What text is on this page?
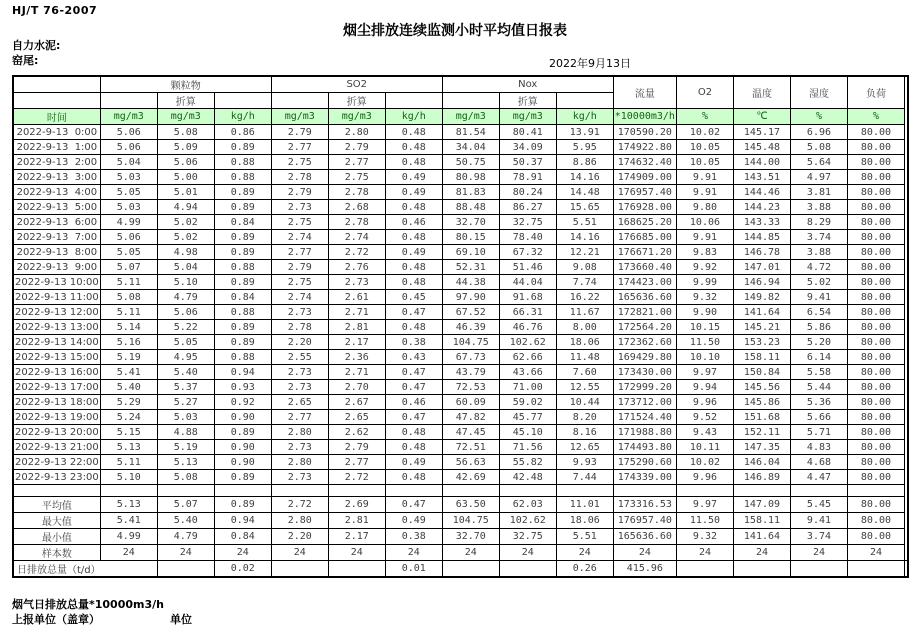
HJ/T 76-2007
烟尘排放连续监测小时平均值日报表
自力水泥:
窑尾:	2022年9月13日
	颗粒物			SO2			Nox			流量	O2	温度	湿度	负荷	
		折算			折算			折算							
时间	mg/m3	mg/m3	kg/h	mg/m3	mg/m3	kg/h	mg/m3	mg/m3	kg/h	*10000m3/h	%	℃	%	%	
2022-9-13  0:00	5.06	5.08	0.86	2.79	2.80	0.48	81.54	80.41	13.91	170590.20	10.02	145.17	6.96	80.00	
2022-9-13  1:00	5.06	5.09	0.89	2.77	2.79	0.48	34.04	34.09	5.95	174922.80	10.05	145.48	5.08	80.00	
2022-9-13  2:00	5.04	5.06	0.88	2.75	2.77	0.48	50.75	50.37	8.86	174632.40	10.05	144.00	5.64	80.00	
2022-9-13  3:00	5.03	5.00	0.88	2.78	2.75	0.49	80.98	78.91	14.16	174909.00	9.91	143.51	4.97	80.00	
2022-9-13  4:00	5.05	5.01	0.89	2.79	2.78	0.49	81.83	80.24	14.48	176957.40	9.91	144.46	3.81	80.00	
2022-9-13  5:00	5.03	4.94	0.89	2.73	2.68	0.48	88.48	86.27	15.65	176928.00	9.80	144.23	3.88	80.00	
2022-9-13  6:00	4.99	5.02	0.84	2.75	2.78	0.46	32.70	32.75	5.51	168625.20	10.06	143.33	8.29	80.00	
2022-9-13  7:00	5.06	5.02	0.89	2.74	2.74	0.48	80.15	78.40	14.16	176685.00	9.91	144.85	3.74	80.00	
2022-9-13  8:00	5.05	4.98	0.89	2.77	2.72	0.49	69.10	67.32	12.21	176671.20	9.83	146.78	3.88	80.00	
2022-9-13  9:00	5.07	5.04	0.88	2.79	2.76	0.48	52.31	51.46	9.08	173660.40	9.92	147.01	4.72	80.00	
2022-9-13 10:00	5.11	5.10	0.89	2.75	2.73	0.48	44.38	44.04	7.74	174423.00	9.99	146.94	5.02	80.00	
2022-9-13 11:00	5.08	4.79	0.84	2.74	2.61	0.45	97.90	91.68	16.22	165636.60	9.32	149.82	9.41	80.00	
2022-9-13 12:00	5.11	5.06	0.88	2.73	2.71	0.47	67.52	66.31	11.67	172821.00	9.90	141.64	6.54	80.00	
2022-9-13 13:00	5.14	5.22	0.89	2.78	2.81	0.48	46.39	46.76	8.00	172564.20	10.15	145.21	5.86	80.00	
2022-9-13 14:00	5.16	5.05	0.89	2.20	2.17	0.38	104.75	102.62	18.06	172362.60	11.50	153.23	5.20	80.00	
2022-9-13 15:00	5.19	4.95	0.88	2.55	2.36	0.43	67.73	62.66	11.48	169429.80	10.10	158.11	6.14	80.00	
2022-9-13 16:00	5.41	5.40	0.94	2.73	2.71	0.47	43.79	43.66	7.60	173430.00	9.97	150.84	5.58	80.00	
2022-9-13 17:00	5.40	5.37	0.93	2.73	2.70	0.47	72.53	71.00	12.55	172999.20	9.94	145.56	5.44	80.00	
2022-9-13 18:00	5.29	5.27	0.92	2.65	2.67	0.46	60.09	59.02	10.44	173712.00	9.96	145.86	5.36	80.00	
2022-9-13 19:00	5.24	5.03	0.90	2.77	2.65	0.47	47.82	45.77	8.20	171524.40	9.52	151.68	5.66	80.00	
2022-9-13 20:00	5.15	4.88	0.89	2.80	2.62	0.48	47.45	45.10	8.16	171988.80	9.43	152.11	5.71	80.00	
2022-9-13 21:00	5.13	5.19	0.90	2.73	2.79	0.48	72.51	71.56	12.65	174493.80	10.11	147.35	4.83	80.00	
2022-9-13 22:00	5.11	5.13	0.90	2.80	2.77	0.49	56.63	55.82	9.93	175290.60	10.02	146.04	4.68	80.00	
2022-9-13 23:00	5.10	5.08	0.89	2.73	2.72	0.48	42.69	42.48	7.44	174339.00	9.96	146.89	4.47	80.00	

平均值	5.13	5.07	0.89	2.72	2.69	0.47	63.50	62.03	11.01	173316.53	9.97	147.09	5.45	80.00	
最大值	5.41	5.40	0.94	2.80	2.81	0.49	104.75	102.62	18.06	176957.40	11.50	158.11	9.41	80.00	
最小值	4.99	4.79	0.84	2.20	2.17	0.38	32.70	32.75	5.51	165636.60	9.32	141.64	3.74	80.00	
样本数	24	24	24	24	24	24	24	24	24	24	24	24	24	24	
日排放总量（t/d）			0.02			0.01			0.26	415.96					
烟气日排放总量*10000m3/h
上报单位（盖章）	单位
